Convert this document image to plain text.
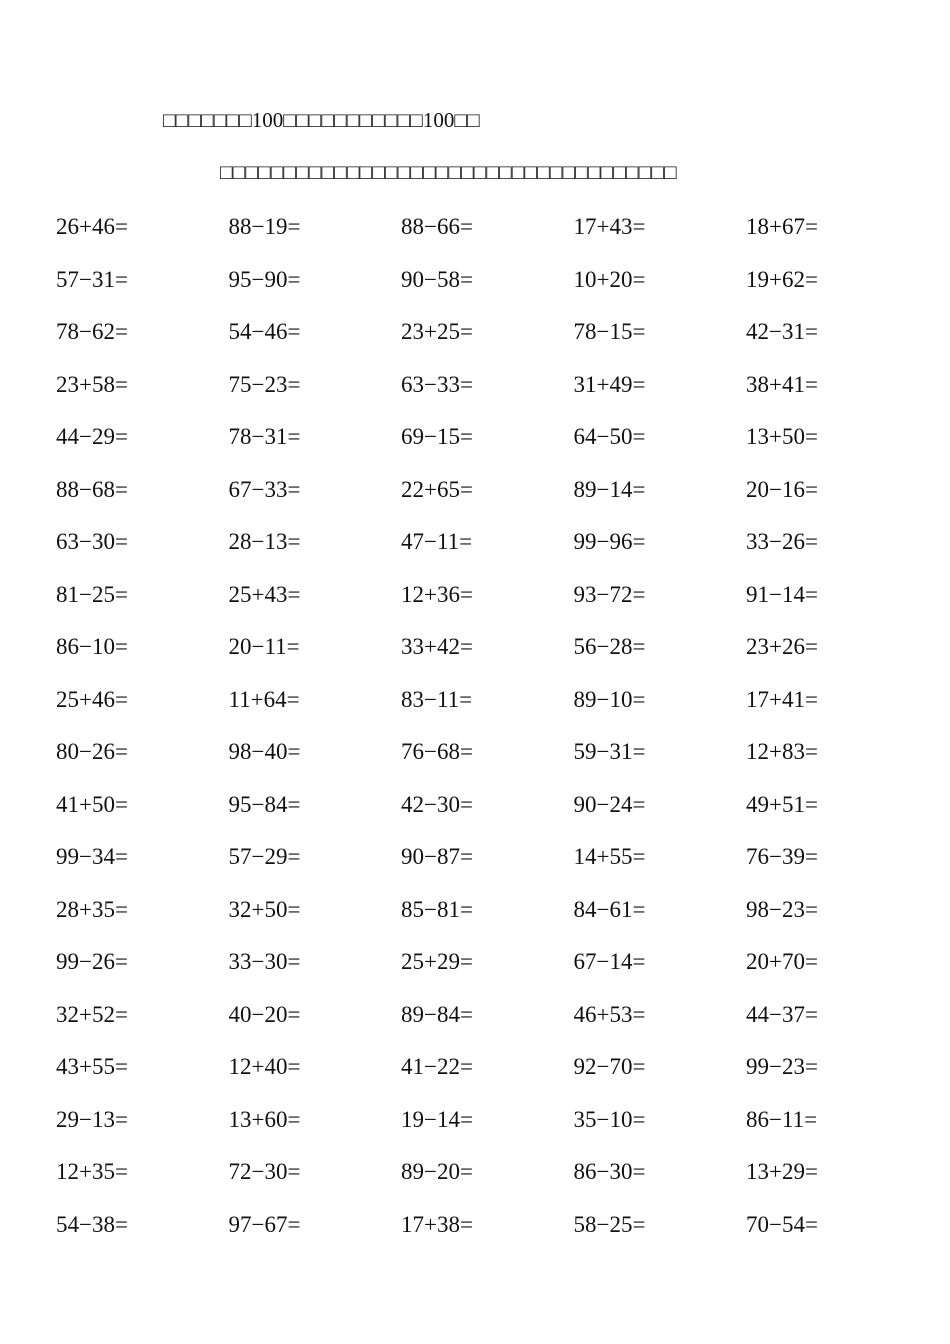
□□□□□□□100□□□□□□□□□□□100□□
□□□□□□□□□□□□□□□□□□□□□□□□□□□□□□□□□□□□
26+46=	88−19=	88−66=	17+43=	18+67=
57−31=	95−90=	90−58=	10+20=	19+62=
78−62=	54−46=	23+25=	78−15=	42−31=
23+58=	75−23=	63−33=	31+49=	38+41=
44−29=	78−31=	69−15=	64−50=	13+50=
88−68=	67−33=	22+65=	89−14=	20−16=
63−30=	28−13=	47−11=	99−96=	33−26=
81−25=	25+43=	12+36=	93−72=	91−14=
86−10=	20−11=	33+42=	56−28=	23+26=
25+46=	11+64=	83−11=	89−10=	17+41=
80−26=	98−40=	76−68=	59−31=	12+83=
41+50=	95−84=	42−30=	90−24=	49+51=
99−34=	57−29=	90−87=	14+55=	76−39=
28+35=	32+50=	85−81=	84−61=	98−23=
99−26=	33−30=	25+29=	67−14=	20+70=
32+52=	40−20=	89−84=	46+53=	44−37=
43+55=	12+40=	41−22=	92−70=	99−23=
29−13=	13+60=	19−14=	35−10=	86−11=
12+35=	72−30=	89−20=	86−30=	13+29=
54−38=	97−67=	17+38=	58−25=	70−54=
